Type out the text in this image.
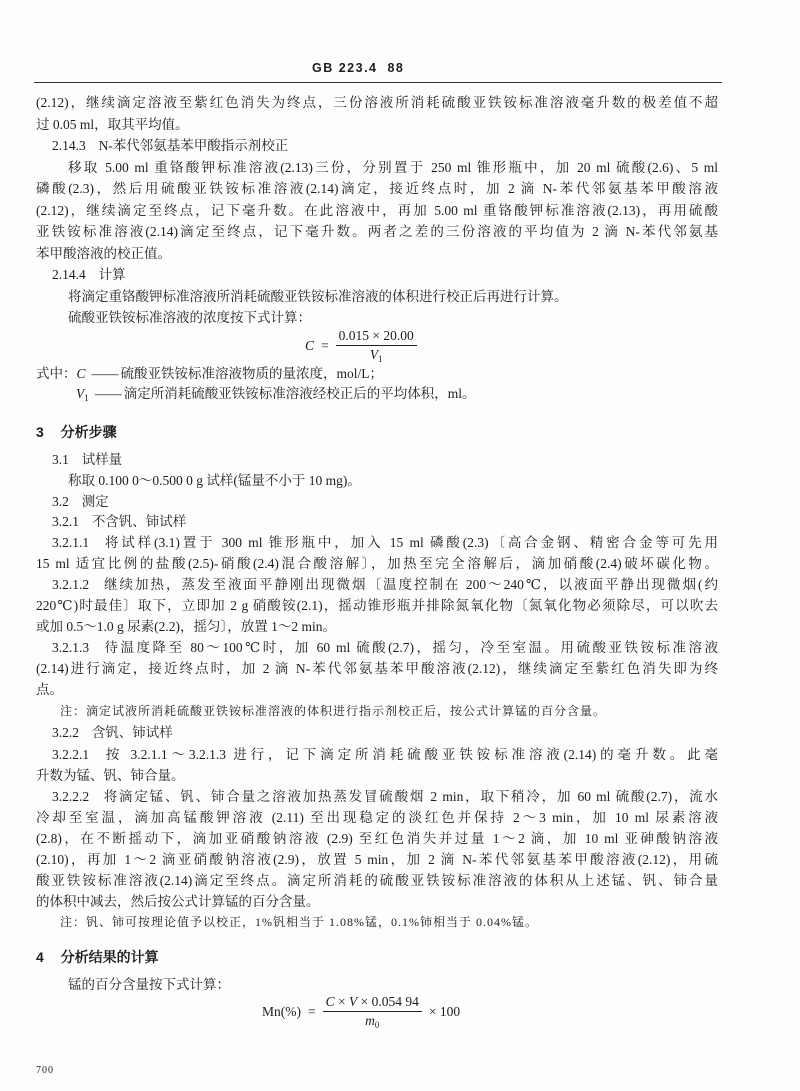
GB 223.4  88
(2.12)，继续滴定溶液至紫红色消失为终点，三份溶液所消耗硫酸亚铁铵标准溶液毫升数的极差值不超
过 0.05 ml，取其平均值。
2.14.3 N-苯代邻氨基苯甲酸指示剂校正
移取 5.00 ml 重铬酸钾标准溶液(2.13)三份，分别置于 250 ml 锥形瓶中，加 20 ml 硫酸(2.6)、5 ml
磷酸(2.3)，然后用硫酸亚铁铵标准溶液(2.14)滴定，接近终点时，加 2 滴 N-苯代邻氨基苯甲酸溶液
(2.12)，继续滴定至终点，记下毫升数。在此溶液中，再加 5.00 ml 重铬酸钾标准溶液(2.13)，再用硫酸
亚铁铵标准溶液(2.14)滴定至终点，记下毫升数。两者之差的三份溶液的平均值为 2 滴 N-苯代邻氨基
苯甲酸溶液的校正值。
2.14.4 计算
将滴定重铬酸钾标准溶液所消耗硫酸亚铁铵标准溶液的体积进行校正后再进行计算。
硫酸亚铁铵标准溶液的浓度按下式计算：
$C = \frac{0.015 \times 20.00}{V_1}$
式中：C —— 硫酸亚铁铵标准溶液物质的量浓度，mol/L；
$V_1$ —— 滴定所消耗硫酸亚铁铵标准溶液经校正后的平均体积，ml。
3 分析步骤
3.1 试样量
称取 0.100 0～0.500 0 g 试样(锰量不小于 10 mg)。
3.2 测定
3.2.1 不含钒、铈试样
3.2.1.1 将试样(3.1)置于 300 ml 锥形瓶中，加入 15 ml 磷酸(2.3)〔高合金钢、精密合金等可先用
15 ml 适宜比例的盐酸(2.5)-硝酸(2.4)混合酸溶解〕，加热至完全溶解后，滴加硝酸(2.4)破坏碳化物。
3.2.1.2 继续加热，蒸发至液面平静刚出现微烟〔温度控制在 200～240℃，以液面平静出现微烟(约
220℃)时最佳〕取下，立即加 2 g 硝酸铵(2.1)，摇动锥形瓶并排除氮氧化物〔氮氧化物必须除尽，可以吹去
或加 0.5～1.0 g 尿素(2.2)，摇匀〕，放置 1～2 min。
3.2.1.3 待温度降至 80～100℃时，加 60 ml 硫酸(2.7)，摇匀，冷至室温。用硫酸亚铁铵标准溶液
(2.14)进行滴定，接近终点时，加 2 滴 N-苯代邻氨基苯甲酸溶液(2.12)，继续滴定至紫红色消失即为终
点。
注：滴定试液所消耗硫酸亚铁铵标准溶液的体积进行指示剂校正后，按公式计算锰的百分含量。
3.2.2 含钒、铈试样
3.2.2.1 按 3.2.1.1～3.2.1.3 进行，记下滴定所消耗硫酸亚铁铵标准溶液(2.14)的毫升数。此毫
升数为锰、钒、铈合量。
3.2.2.2 将滴定锰、钒、铈合量之溶液加热蒸发冒硫酸烟 2 min，取下稍冷，加 60 ml 硫酸(2.7)，流水
冷却至室温，滴加高锰酸钾溶液 (2.11) 至出现稳定的淡红色并保持 2～3 min，加 10 ml 尿素溶液
(2.8)，在不断摇动下，滴加亚硝酸钠溶液 (2.9) 至红色消失并过量 1～2 滴，加 10 ml 亚砷酸钠溶液
(2.10)，再加 1～2 滴亚硝酸钠溶液(2.9)，放置 5 min，加 2 滴 N-苯代邻氨基苯甲酸溶液(2.12)，用硫
酸亚铁铵标准溶液(2.14)滴定至终点。滴定所消耗的硫酸亚铁铵标准溶液的体积从上述锰、钒、铈合量
的体积中减去，然后按公式计算锰的百分含量。
注：钒、铈可按理论值予以校正，1%钒相当于 1.08%锰，0.1%铈相当于 0.04%锰。
4 分析结果的计算
锰的百分含量按下式计算：
$Mn(\%) = \frac{C \times V \times 0.054 94}{m_0} \times 100$
700
